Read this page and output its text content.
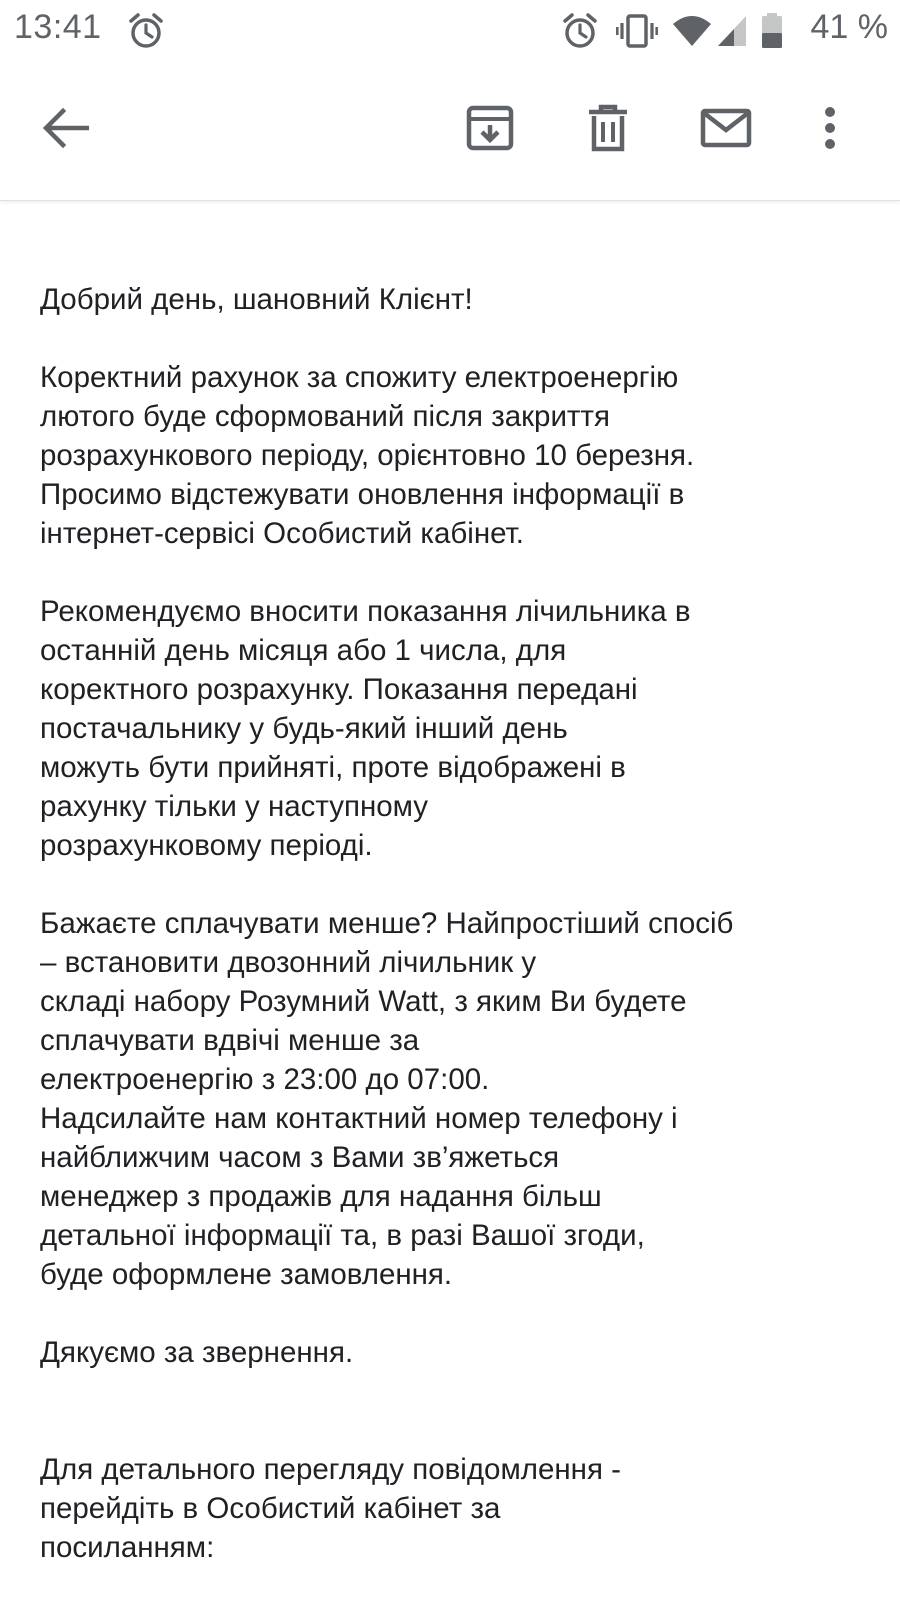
13:41	41 %

Добрий день, шановний Клієнт!

Коректний рахунок за спожиту електроенергію
лютого буде сформований після закриття
розрахункового періоду, орієнтовно 10 березня.
Просимо відстежувати оновлення інформації в
інтернет-сервісі Особистий кабінет.

Рекомендуємо вносити показання лічильника в
останній день місяця або 1 числа, для
коректного розрахунку. Показання передані
постачальнику у будь-який інший день
можуть бути прийняті, проте відображені в
рахунку тільки у наступному
розрахунковому періоді.

Бажаєте сплачувати менше? Найпростіший спосіб
– встановити двозонний лічильник у
складі набору Розумний Watt, з яким Ви будете
сплачувати вдвічі менше за
електроенергію з 23:00 до 07:00.
Надсилайте нам контактний номер телефону і
найближчим часом з Вами зв’яжеться
менеджер з продажів для надання більш
детальної інформації та, в разі Вашої згоди,
буде оформлене замовлення.

Дякуємо за звернення.

Для детального перегляду повідомлення -
перейдіть в Особистий кабінет за
посиланням:
